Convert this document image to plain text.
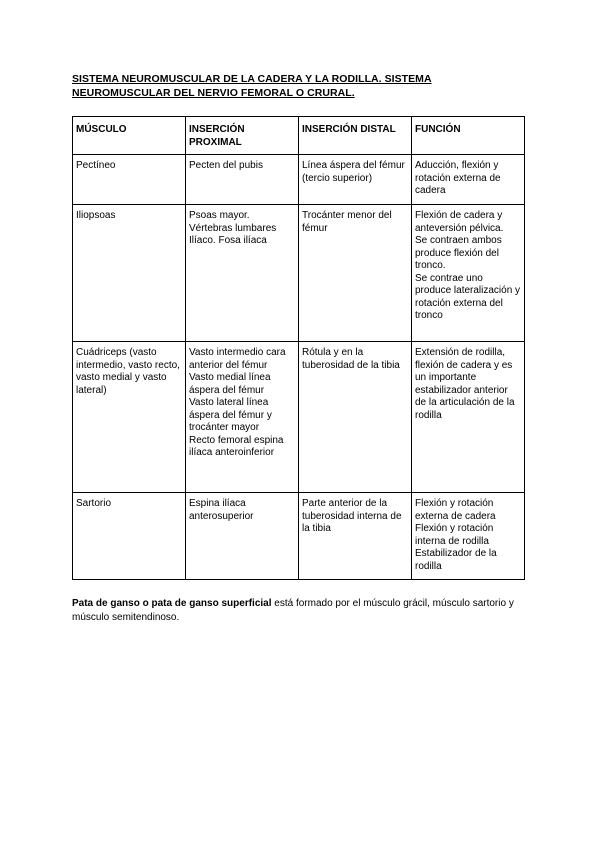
SISTEMA NEUROMUSCULAR DE LA CADERA Y LA RODILLA. SISTEMA NEUROMUSCULAR DEL NERVIO FEMORAL O CRURAL.
MÚSCULO	INSERCIÓN PROXIMAL	INSERCIÓN DISTAL	FUNCIÓN

Pectíneo	Pecten del pubis	Línea áspera del fémur (tercio superior)	Aducción, flexión y rotación externa de cadera

Iliopsoas	Psoas mayor. Vértebras lumbares
Ilíaco. Fosa ilíaca	Trocánter menor del fémur	Flexión de cadera y anteversión pélvica.
Se contraen ambos produce flexión del tronco.
Se contrae uno produce lateralización y rotación externa del tronco

Cuádriceps (vasto intermedio, vasto recto, vasto medial y vasto lateral)	Vasto intermedio cara anterior del fémur
Vasto medial línea áspera del fémur
Vasto lateral línea áspera del fémur y trocánter mayor
Recto femoral espina ilíaca anteroinferior	Rótula y en la tuberosidad de la tibia	Extensión de rodilla, flexión de cadera y es un importante estabilizador anterior de la articulación de la rodilla

Sartorio	Espina ilíaca anterosuperior	Parte anterior de la tuberosidad interna de la tibia	Flexión y rotación externa de cadera
Flexión y rotación interna de rodilla
Estabilizador de la rodilla
Pata de ganso o pata de ganso superficial está formado por el músculo grácil, músculo sartorio y músculo semitendinoso.
